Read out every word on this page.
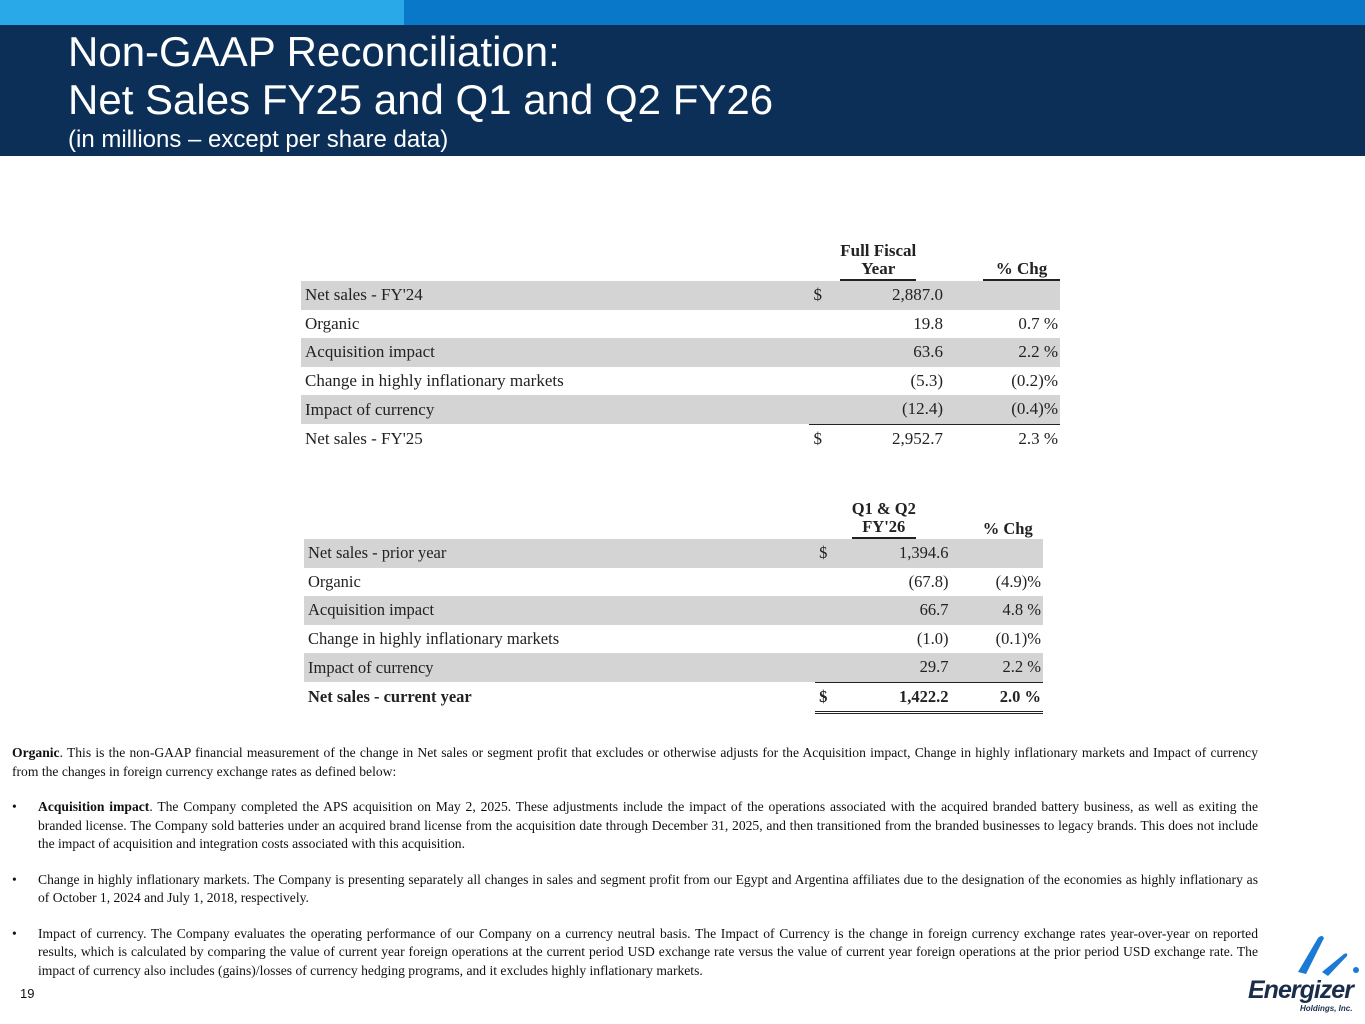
Non-GAAP Reconciliation:
Net Sales FY25 and Q1 and Q2 FY26
(in millions – except per share data)
	Full Fiscal
Year		% Chg

Net sales - FY'24	$	2,887.0	
Organic		19.8	0.7 %
Acquisition impact		63.6	2.2 %
Change in highly inflationary markets		(5.3)	(0.2)%
Impact of currency		(12.4)	(0.4)%
Net sales - FY'25	$	2,952.7	2.3 %
	Q1 & Q2
FY'26		% Chg

Net sales - prior year	$	1,394.6	
Organic		(67.8)	(4.9)%
Acquisition impact		66.7	4.8 %
Change in highly inflationary markets		(1.0)	(0.1)%
Impact of currency		29.7	2.2 %
Net sales - current year	$	1,422.2	2.0 %

Organic. This is the non-GAAP financial measurement of the change in Net sales or segment profit that excludes or otherwise adjusts for the Acquisition impact, Change in highly inflationary markets and Impact of currency from the changes in foreign currency exchange rates as defined below:

• Acquisition impact. The Company completed the APS acquisition on May 2, 2025. These adjustments include the impact of the operations associated with the acquired branded battery business, as well as exiting the branded license. The Company sold batteries under an acquired brand license from the acquisition date through December 31, 2025, and then transitioned from the branded businesses to legacy brands. This does not include the impact of acquisition and integration costs associated with this acquisition.

• Change in highly inflationary markets. The Company is presenting separately all changes in sales and segment profit from our Egypt and Argentina affiliates due to the designation of the economies as highly inflationary as of October 1, 2024 and July 1, 2018, respectively.

• Impact of currency. The Company evaluates the operating performance of our Company on a currency neutral basis. The Impact of Currency is the change in foreign currency exchange rates year-over-year on reported results, which is calculated by comparing the value of current year foreign operations at the current period USD exchange rate versus the value of current year foreign operations at the prior period USD exchange rate. The impact of currency also includes (gains)/losses of currency hedging programs, and it excludes highly inflationary markets.

19	Energizer
Holdings, Inc.
